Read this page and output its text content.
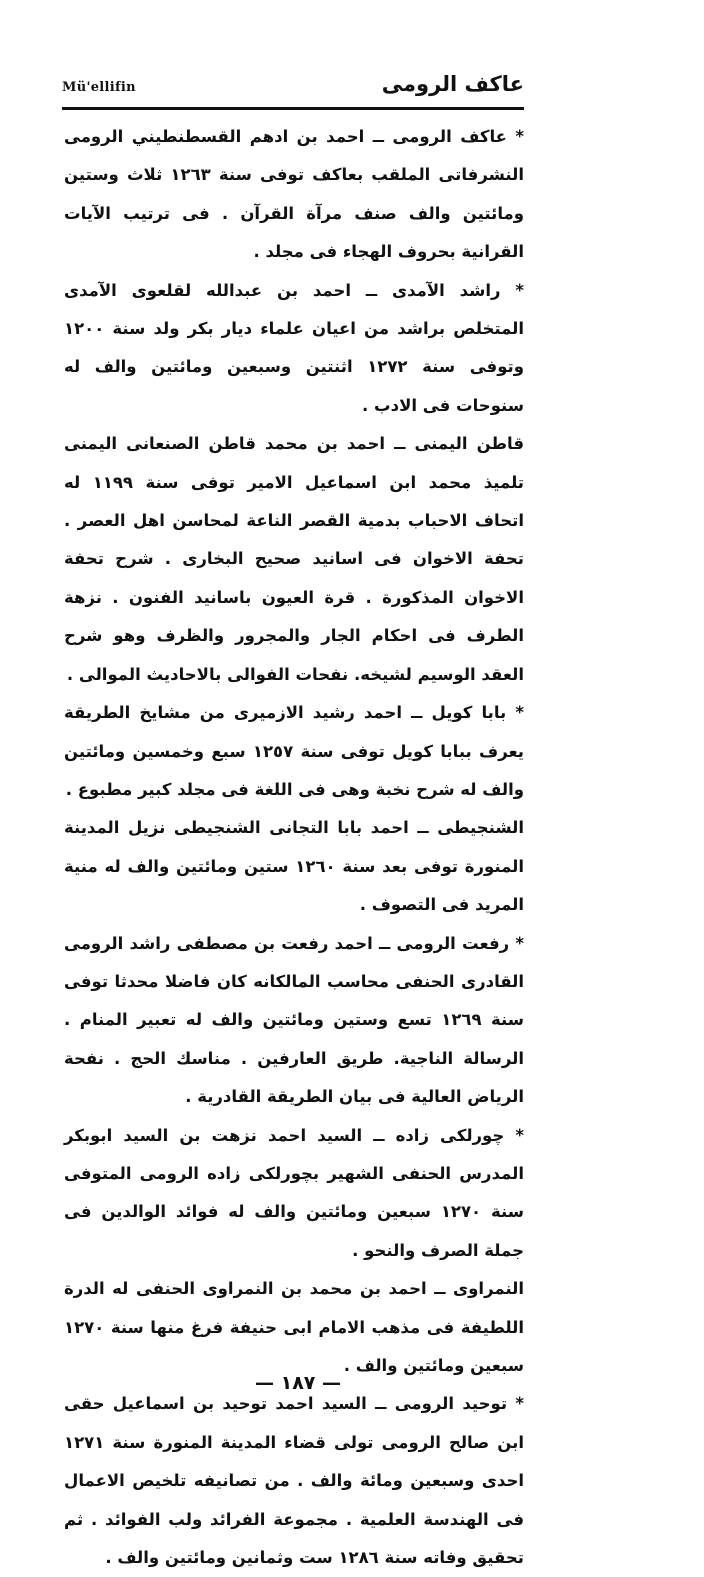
Mü'ellifin	عاكف الرومى

* عاكف الرومى ــ احمد بن ادهم القسطنطيني الرومى النشرفاتى الملقب بعاكف توفى سنة ١٢٦٣ ثلاث وستين ومائتين والف صنف مرآة القرآن . فى ترتيب الآيات القرانية بحروف الهجاء فى مجلد .

* راشد الآمدى ــ احمد بن عبدالله لقلعوى الآمدى المتخلص براشد من اعيان علماء ديار بكر ولد سنة ١٢٠٠ وتوفى سنة ١٢٧٢ اثنتين وسبعين ومائتين والف له سنوحات فى الادب .

قاطن اليمنى ــ احمد بن محمد قاطن الصنعانى اليمنى تلميذ محمد ابن اسماعيل الامير توفى سنة ١١٩٩ له اتحاف الاحباب بدمية القصر الناعة لمحاسن اهل العصر . تحفة الاخوان فى اسانيد صحيح البخارى . شرح تحفة الاخوان المذكورة . قرة العيون باسانيد الفنون . نزهة الطرف فى احكام الجار والمجرور والظرف وهو شرح العقد الوسيم لشيخه. نفحات الفوالى بالاحاديث الموالى .

* بابا كويل ــ احمد رشيد الازميرى من مشايخ الطريقة يعرف ببابا كويل توفى سنة ١٢٥٧ سبع وخمسين ومائتين والف له شرح نخبة وهى فى اللغة فى مجلد كبير مطبوع .

الشنجيطى ــ احمد بابا التجانى الشنجيطى نزيل المدينة المنورة توفى بعد سنة ١٢٦٠ ستين ومائتين والف له منية المريد فى التصوف .

* رفعت الرومى ــ احمد رفعت بن مصطفى راشد الرومى القادرى الحنفى محاسب المالكانه كان فاضلا محدثا توفى سنة ١٢٦٩ تسع وستين ومائتين والف له تعبير المنام . الرسالة الناجية. طريق العارفين . مناسك الحج . نفحة الرياض العالية فى بيان الطريقة القادرية .

* چورلكى زاده ــ السيد احمد نزهت بن السيد ابوبكر المدرس الحنفى الشهير بچورلكى زاده الرومى المتوفى سنة ١٢٧٠ سبعين ومائتين والف له فوائد الوالدين فى جملة الصرف والنحو .

النمراوى ــ احمد بن محمد بن النمراوى الحنفى له الدرة اللطيفة فى مذهب الامام ابى حنيفة فرغ منها سنة ١٢٧٠ سبعين ومائتين والف .

* توحيد الرومى ــ السيد احمد توحيد بن اسماعيل حقى ابن صالح الرومى تولى قضاء المدينة المنورة سنة ١٢٧١ احدى وسبعين ومائة والف . من تصانيفه تلخيص الاعمال فى الهندسة العلمية . مجموعة الفرائد ولب الفوائد . ثم تحقيق وفاته سنة ١٢٨٦ ست وثمانين ومائتين والف .

— ١٨٧ —
